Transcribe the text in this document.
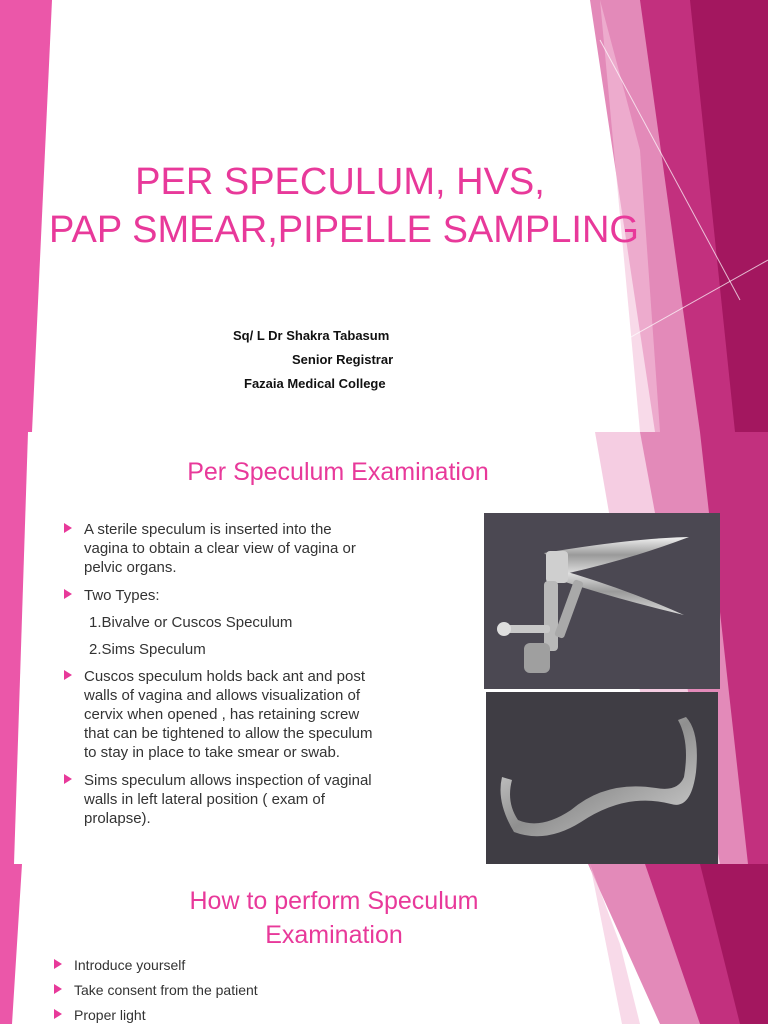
PER SPECULUM, HVS,
PAP SMEAR,PIPELLE SAMPLING
Sq/ L Dr Shakra Tabasum
Senior Registrar
Fazaia Medical College
Per Speculum Examination
A sterile speculum is inserted into the
vagina to obtain a clear view of vagina or
pelvic organs.
Two Types:
1.Bivalve or Cuscos Speculum
2.Sims Speculum
Cuscos speculum holds back ant and post
walls of vagina and allows visualization of
cervix when opened , has retaining screw
that can be tightened to allow the speculum
to stay in place to take smear or swab.
Sims speculum allows inspection of vaginal
walls in left lateral position ( exam of
prolapse).
How to perform Speculum
Examination
Introduce yourself
Take consent from the patient
Proper light
